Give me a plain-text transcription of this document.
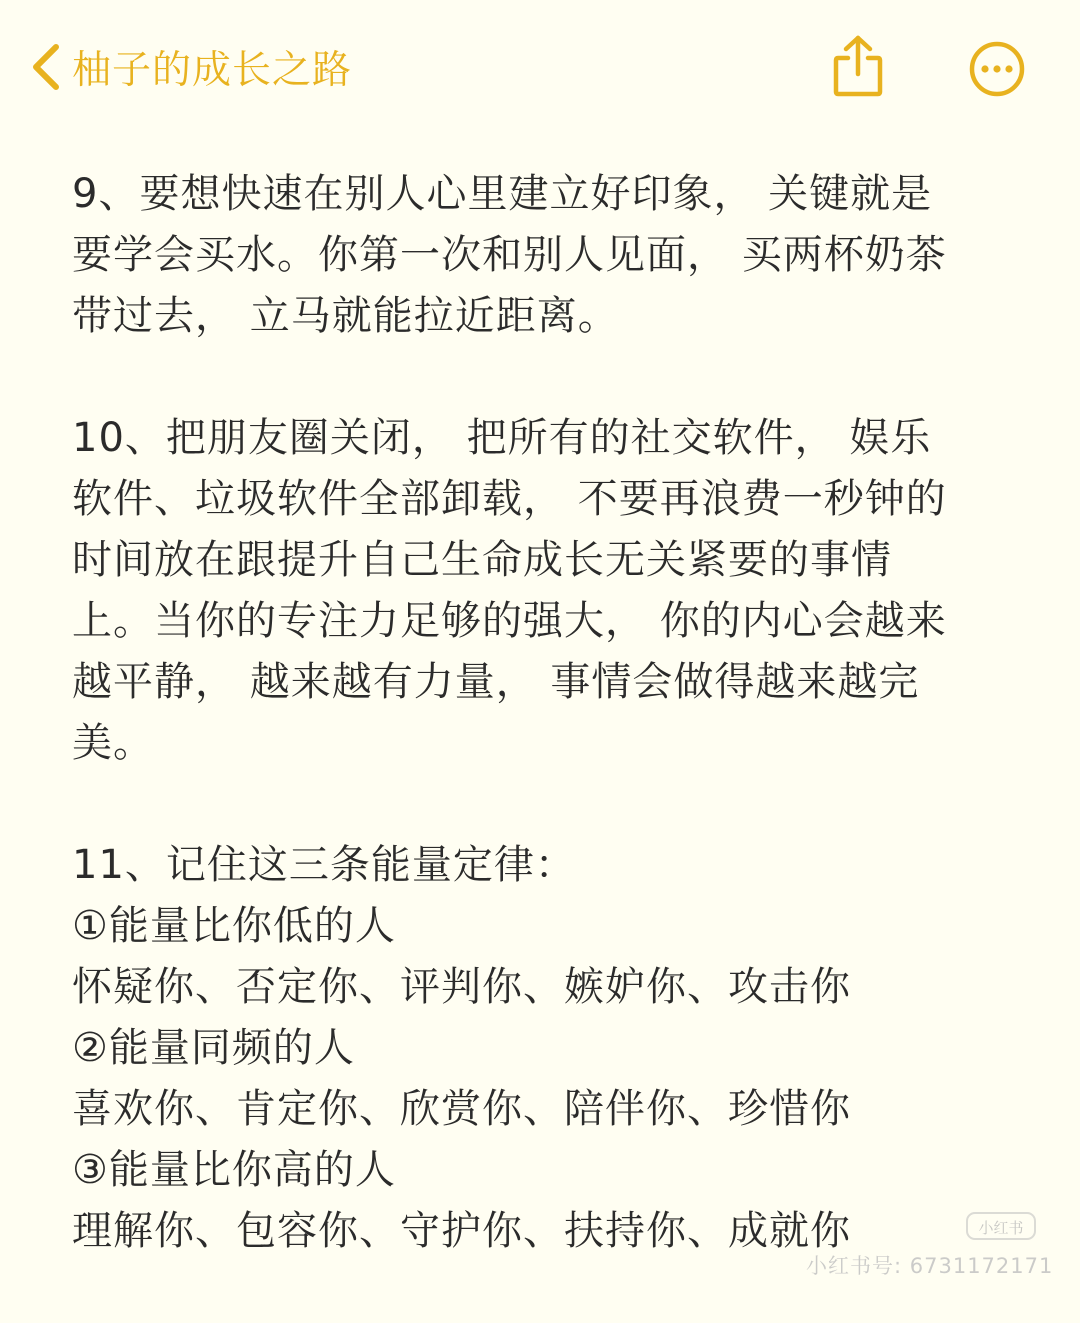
柚子的成长之路

9、要想快速在别人心里建立好印象， 关键就是
要学会买水。你第一次和别人见面， 买两杯奶茶
带过去， 立马就能拉近距离。

10、把朋友圈关闭， 把所有的社交软件， 娱乐
软件、垃圾软件全部卸载， 不要再浪费一秒钟的
时间放在跟提升自己生命成长无关紧要的事情
上。当你的专注力足够的强大， 你的内心会越来
越平静， 越来越有力量， 事情会做得越来越完
美。

11、记住这三条能量定律：
①能量比你低的人
怀疑你、否定你、评判你、嫉妒你、攻击你
②能量同频的人
喜欢你、肯定你、欣赏你、陪伴你、珍惜你
③能量比你高的人
理解你、包容你、守护你、扶持你、成就你	小红书
小红书号: 6731172171
